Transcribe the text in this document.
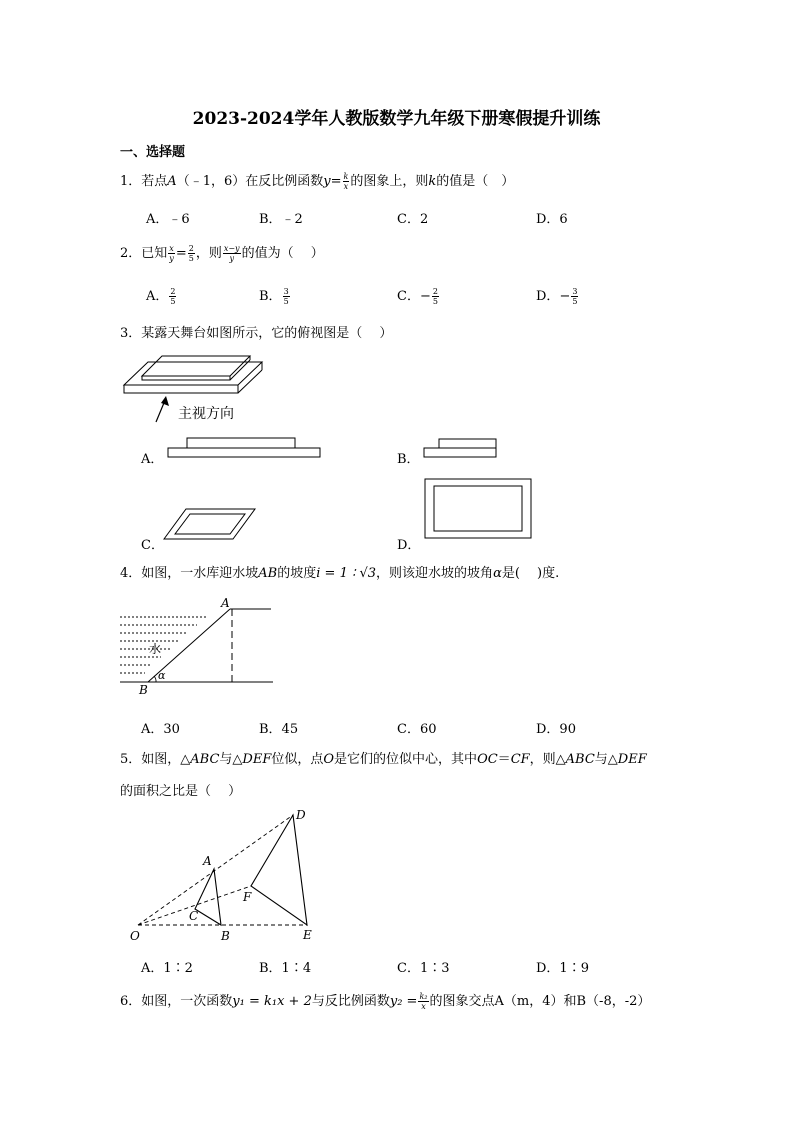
2023-2024学年人教版数学九年级下册寒假提升训练
一、选择题
1．若点A（﹣1，6）在反比例函数$y= \frac{k}{x}$ 的图象上，则k的值是（　）
A．﹣6	B．﹣2	C．2	D．6
2．已知 $\frac{x}{y} = \frac{2}{5}$ ，则 $\frac{x-y}{y}$ 的值为（　 ）
A． $\frac{2}{5}$	B． $\frac{3}{5}$	C．− $\frac{2}{5}$	D．− $\frac{3}{5}$
3．某露天舞台如图所示，它的俯视图是（　 ）
主视方向
A．	B．
C．	D．
4．如图，一水库迎水坡AB的坡度i = 1 ∶ √3，则该迎水坡的坡角α是(　 )度.
A
B
α
水
A．30	B．45	C．60	D．90
5．如图，△ABC与△DEF位似，点O是它们的位似中心，其中OC＝CF，则△ABC与△DEF
的面积之比是（　 ）
O
A
B
C
D
E
F
A．1∶2	B．1∶4	C．1∶3	D．1∶9
6．如图，一次函数y₁ = k₁x + 2与反比例函数$y_2 = \frac{\text{k₂}}{x}$ 的图象交点A（m，4）和B（-8，-2）
